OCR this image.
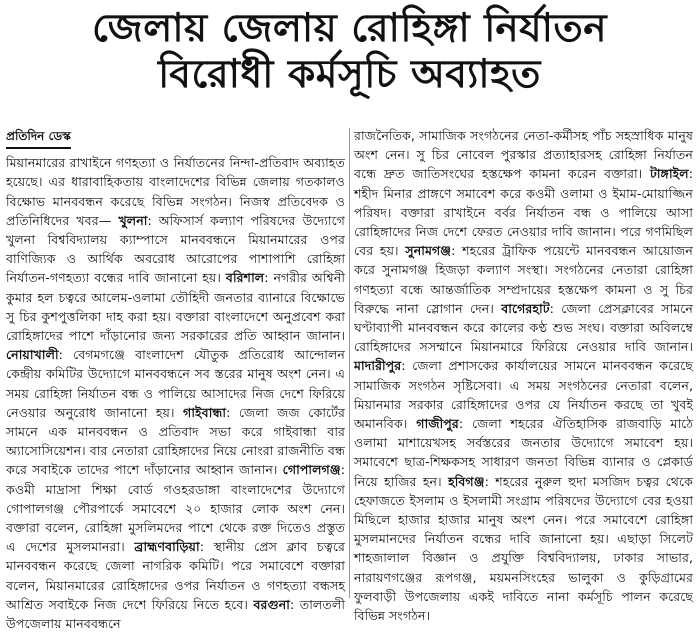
জেলায় জেলায় রোহিঙ্গা নির্যাতন
বিরোধী কর্মসূচি অব্যাহত
প্রতিদিন ডেস্ক

মিয়ানমারের রাখাইনে গণহত্যা ও নির্যাতনের নিন্দা-প্রতিবাদ অব্যাহত হয়েছে। এর ধারাবাহিকতায় বাংলাদেশের বিভিন্ন জেলায় গতকালও বিক্ষোভ মানববন্ধন করেছে বিভিন্ন সংগঠন। নিজস্ব প্রতিবেদক ও প্রতিনিধিদের খবর— খুলনা: অফিসার্স কল্যাণ পরিষদের উদ্যোগে খুলনা বিশ্ববিদ্যালয় ক্যাম্পাসে মানববন্ধনে মিয়ানমারের ওপর বাণিজ্যিক ও আর্থিক অবরোধ আরোপের পাশাপাশি রোহিঙ্গা নির্যাতন-গণহত্যা বন্ধের দাবি জানানো হয়। বরিশাল: নগরীর অশ্বিনী কুমার হল চত্বরে আলেম-ওলামা তৌহিদী জনতার ব্যানারে বিক্ষোভে সু চির কুশপুত্তলিকা দাহ করা হয়। বক্তারা বাংলাদেশে অনুপ্রবেশ করা রোহিঙ্গাদের পাশে দাঁড়ানোর জন্য সরকারের প্রতি আহ্বান জানান। নোয়াখালী: বেগমগঞ্জে বাংলাদেশ যৌতুক প্রতিরোধ আন্দোলন কেন্দ্রীয় কমিটির উদ্যোগে মানববন্ধনে সব স্তরের মানুষ অংশ নেন। এ সময় রোহিঙ্গা নির্যাতন বন্ধ ও পালিয়ে আসাদের নিজ দেশে ফিরিয়ে নেওয়ার অনুরোধ জানানো হয়। গাইবান্ধা: জেলা জজ কোর্টের সামনে এক মানববন্ধন ও প্রতিবাদ সভা করে গাইবান্ধা বার অ্যাসোসিয়েশন। বার নেতারা রোহিঙ্গাদের নিয়ে নোংরা রাজনীতি বন্ধ করে সবাইকে তাদের পাশে দাঁড়ানোর আহ্বান জানান। গোপালগঞ্জ: কওমী মাদ্রাসা শিক্ষা বোর্ড গওহরডাঙ্গা বাংলাদেশের উদ্যোগে গোপালগঞ্জ পৌরপার্কে সমাবেশে ২০ হাজার লোক অংশ নেন। বক্তারা বলেন, রোহিঙ্গা মুসলিমদের পাশে থেকে রক্ত দিতেও প্রস্তুত এ দেশের মুসলমানরা। ব্রাহ্মণবাড়িয়া: স্থানীয় প্রেস ক্লাব চত্বরে মানববন্ধন করেছে জেলা নাগরিক কমিটি। পরে সমাবেশে বক্তারা বলেন, মিয়ানমারের রোহিঙ্গাদের ওপর নির্যাতন ও গণহত্যা বন্ধসহ আশ্রিত সবাইকে নিজ দেশে ফিরিয়ে নিতে হবে। বরগুনা: তালতলী উপজেলায় মানববন্ধনে

রাজনৈতিক, সামাজিক সংগঠনের নেতা-কর্মীসহ পাঁচ সহস্রাধিক মানুষ অংশ নেন। সু চির নোবেল পুরস্কার প্রত্যাহারসহ রোহিঙ্গা নির্যাতন বন্ধে দ্রুত জাতিসংঘের হস্তক্ষেপ কামনা করেন বক্তারা। টাঙ্গাইল: শহীদ মিনার প্রাঙ্গণে সমাবেশ করে কওমী ওলামা ও ইমাম-মোয়াজ্জিন পরিষদ। বক্তারা রাখাইনে বর্বর নির্যাতন বন্ধ ও পালিয়ে আসা রোহিঙ্গাদের নিজ দেশে ফেরত নেওয়ার দাবি জানান। পরে গণমিছিল বের হয়। সুনামগঞ্জ: শহরের ট্রাফিক পয়েন্টে মানববন্ধন আয়োজন করে সুনামগঞ্জ হিজড়া কল্যাণ সংস্থা। সংগঠনের নেতারা রোহিঙ্গা গণহত্যা বন্ধে আন্তর্জাতিক সম্প্রদায়ের হস্তক্ষেপ কামনা ও সু চির বিরুদ্ধে নানা স্লোগান দেন। বাগেরহাট: জেলা প্রেসক্লাবের সামনে ঘণ্টাব্যাপী মানববন্ধন করে কালের কণ্ঠ শুভ সংঘ। বক্তারা অবিলম্বে রোহিঙ্গাদের সসম্মানে মিয়ানমারে ফিরিয়ে নেওয়ার দাবি জানান। মাদারীপুর: জেলা প্রশাসকের কার্যালয়ের সামনে মানববন্ধন করেছে সামাজিক সংগঠন সৃষ্টিসেবা। এ সময় সংগঠনের নেতারা বলেন, মিয়ানমার সরকার রোহিঙ্গাদের ওপর যে নির্যাতন করছে তা খুবই অমানবিক। গাজীপুর: জেলা শহরের ঐতিহাসিক রাজবাড়ি মাঠে ওলামা মাশায়েখসহ সর্বস্তরের জনতার উদ্যোগে সমাবেশ হয়। সমাবেশে ছাত্র-শিক্ষকসহ সাধারণ জনতা বিভিন্ন ব্যানার ও প্লেকার্ড নিয়ে হাজির হন। হবিগঞ্জ: শহরের নুরুল হুদা মসজিদ চত্বর থেকে হেফাজতে ইসলাম ও ইসলামী সংগ্রাম পরিষদের উদ্যোগে বের হওয়া মিছিলে হাজার হাজার মানুষ অংশ নেন। পরে সমাবেশে রোহিঙ্গা মুসলমানদের নির্যাতন বন্ধের দাবি জানানো হয়। এছাড়া সিলেট শাহজালাল বিজ্ঞান ও প্রযুক্তি বিশ্ববিদ্যালয়, ঢাকার সাভার, নারায়ণগঞ্জের রূপগঞ্জ, ময়মনসিংহের ভালুকা ও কুড়িগ্রামের ফুলবাড়ী উপজেলায় একই দাবিতে নানা কর্মসূচি পালন করেছে বিভিন্ন সংগঠন।
